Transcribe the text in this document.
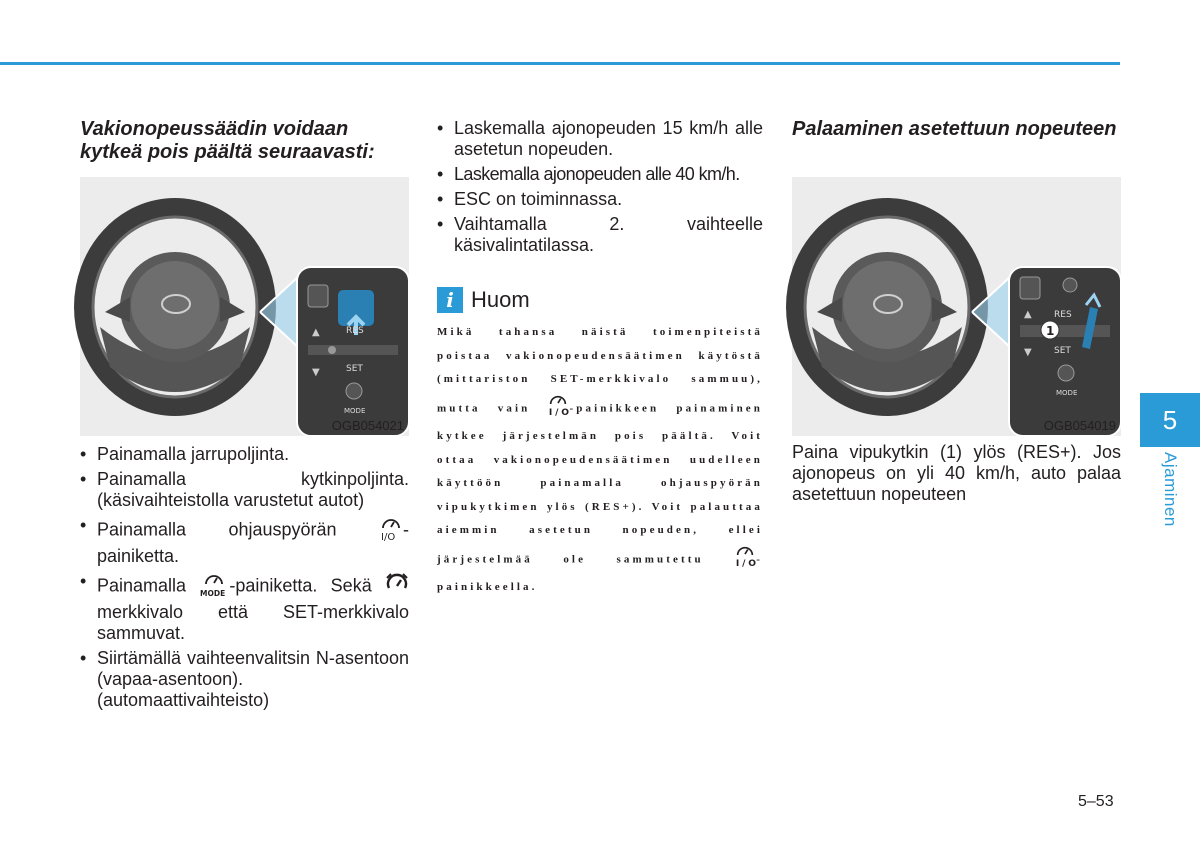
Vakionopeussäädin voidaan kytkeä pois päältä seuraavasti:
▲	RES
▼	SET
MODE
OGB054021
• Painamalla jarrupoljinta.
• Painamalla kytkinpoljinta. (käsivaihteistolla varustetut autot)
• Painamalla ohjauspyörän I/O -painiketta.
• Painamalla MODE -painiketta. Sekä  merkkivalo että SET-merkkivalo sammuvat.
• Siirtämällä vaihteenvalitsin N-asentoon (vapaa-asentoon). (automaattivaihteisto)
• Laskemalla ajonopeuden 15 km/h alle asetetun nopeuden.
• Laskemalla ajonopeuden alle 40 km/h.
• ESC on toiminnassa.
• Vaihtamalla 2. vaihteelle käsivalintatilassa.
i Huom
Mikä tahansa näistä toimenpiteistä poistaa vakionopeudensäätimen käytöstä (mittariston SET-merkkivalo sammuu), mutta vain I/O
-painikkeen painaminen kytkee järjestelmän pois päältä. Voit ottaa vakionopeudensäätimen uudelleen käyttöön painamalla ohjauspyörän vipukytkimen ylös (RES+). Voit palauttaa aiemmin asetetun nopeuden, ellei järjestelmää ole sammutettu I/O
-painikkeella.
Palaaminen asetettuun nopeuteen
▲ RES
1
▼ SET
MODE
OGB054019
Paina vipukytkin (1) ylös (RES+). Jos ajonopeus on yli 40 km/h, auto palaa asetettuun nopeuteen
5
Ajaminen
5–53
